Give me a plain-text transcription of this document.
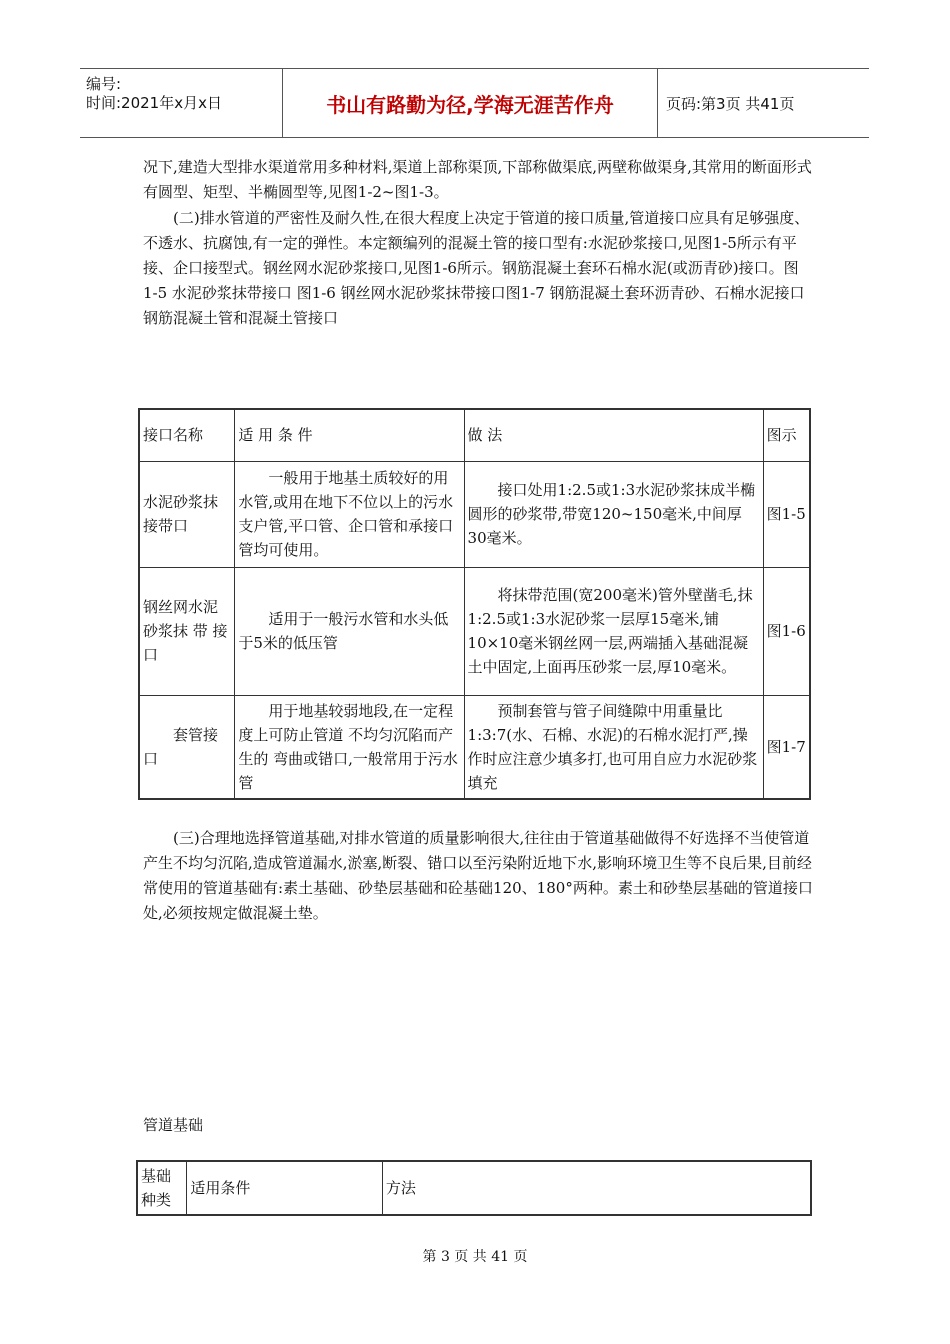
编号:
时间:2021年x月x日	书山有路勤为径,学海无涯苦作舟	页码:第3页 共41页

况下,建造大型排水渠道常用多种材料,渠道上部称渠顶,下部称做渠底,两壁称做渠身,其常用的断面形式有圆型、矩型、半椭圆型等,见图1-2~图1-3。

(二)排水管道的严密性及耐久性,在很大程度上决定于管道的接口质量,管道接口应具有足够强度、不透水、抗腐蚀,有一定的弹性。本定额编列的混凝土管的接口型有:水泥砂浆接口,见图1-5所示有平接、企口接型式。钢丝网水泥砂浆接口,见图1-6所示。钢筋混凝土套环石棉水泥(或沥青砂)接口。图1-5 水泥砂浆抹带接口 图1-6 钢丝网水泥砂浆抹带接口图1-7 钢筋混凝土套环沥青砂、石棉水泥接口 钢筋混凝土管和混凝土管接口

接口名称	适 用 条 件	做 法	图示
水泥砂浆抹接带口	一般用于地基土质较好的用水管,或用在地下不位以上的污水支户管,平口管、企口管和承接口管均可使用。	接口处用1:2.5或1:3水泥砂浆抹成半椭圆形的砂浆带,带宽120~150毫米,中间厚30毫米。	图1-5
钢丝网水泥砂浆抹 带 接口	适用于一般污水管和水头低于5米的低压管	将抹带范围(宽200毫米)管外壁凿毛,抹1:2.5或1:3水泥砂浆一层厚15毫米,铺10×10毫米钢丝网一层,两端插入基础混凝土中固定,上面再压砂浆一层,厚10毫米。	图1-6
套管接口	用于地基较弱地段,在一定程度上可防止管道 不均匀沉陷而产生的 弯曲或错口,一般常用于污水管	预制套管与管子间缝隙中用重量比1:3:7(水、石棉、水泥)的石棉水泥打严,操作时应注意少填多打,也可用自应力水泥砂浆填充	图1-7

(三)合理地选择管道基础,对排水管道的质量影响很大,往往由于管道基础做得不好选择不当使管道产生不均匀沉陷,造成管道漏水,淤塞,断裂、错口以至污染附近地下水,影响环境卫生等不良后果,目前经常使用的管道基础有:素土基础、砂垫层基础和砼基础120、180°两种。素土和砂垫层基础的管道接口处,必须按规定做混凝土垫。

管道基础
基础种类	适用条件	方法
第 3 页 共 41 页
